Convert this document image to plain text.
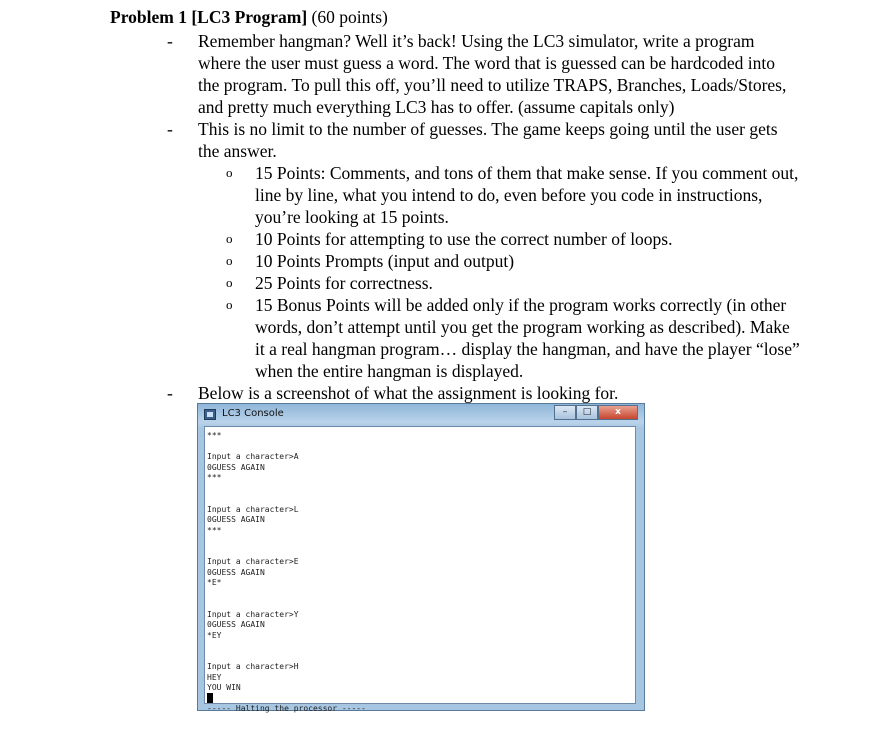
Problem 1 [LC3 Program] (60 points)
- Remember hangman? Well it’s back! Using the LC3 simulator, write a program
where the user must guess a word. The word that is guessed can be hardcoded into
the program. To pull this off, you’ll need to utilize TRAPS, Branches, Loads/Stores,
and pretty much everything LC3 has to offer. (assume capitals only)
- This is no limit to the number of guesses. The game keeps going until the user gets
the answer.
o 15 Points: Comments, and tons of them that make sense. If you comment out,
line by line, what you intend to do, even before you code in instructions,
you’re looking at 15 points.
o 10 Points for attempting to use the correct number of loops.
o 10 Points Prompts (input and output)
o 25 Points for correctness.
o 15 Bonus Points will be added only if the program works correctly (in other
words, don’t attempt until you get the program working as described). Make
it a real hangman program… display the hangman, and have the player “lose”
when the entire hangman is displayed.
- Below is a screenshot of what the assignment is looking for.
LC3 Console	–	□	x
***
Input a character>A
0GUESS AGAIN
***
Input a character>L
0GUESS AGAIN
***
Input a character>E
0GUESS AGAIN
*E*
Input a character>Y
0GUESS AGAIN
*EY
Input a character>H
HEY
YOU WIN
----- Halting the processor -----
